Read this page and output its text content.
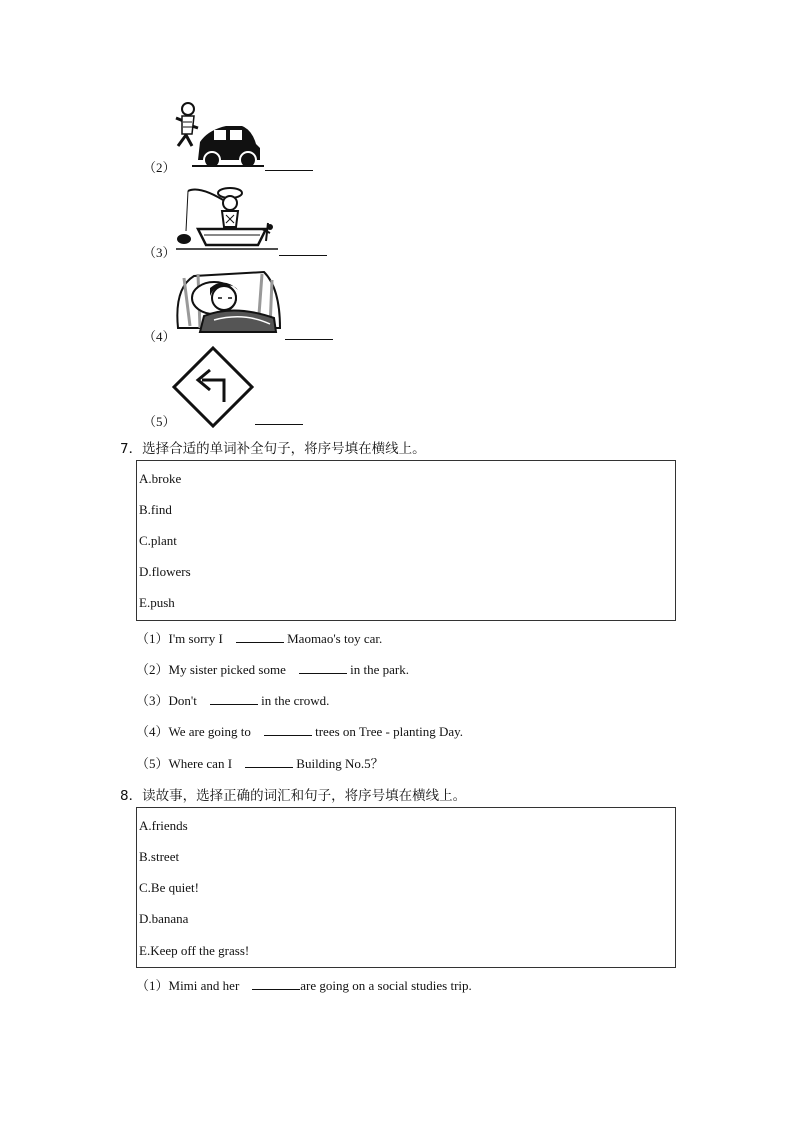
（2）
（3）
（4）
（5）
7．选择合适的单词补全句子，将序号填在横线上。
A.broke
B.find
C.plant
D.flowers
E.push
（1）I'm sorry I	Maomao's toy car.
（2）My sister picked some	in the park.
（3）Don't	in the crowd.
（4）We are going to	trees on Tree - planting Day.
（5）Where can I	Building No.5？
8．读故事，选择正确的词汇和句子，将序号填在横线上。
A.friends
B.street
C.Be quiet!
D.banana
E.Keep off the grass!
（1）Mimi and her	are going on a social studies trip.
